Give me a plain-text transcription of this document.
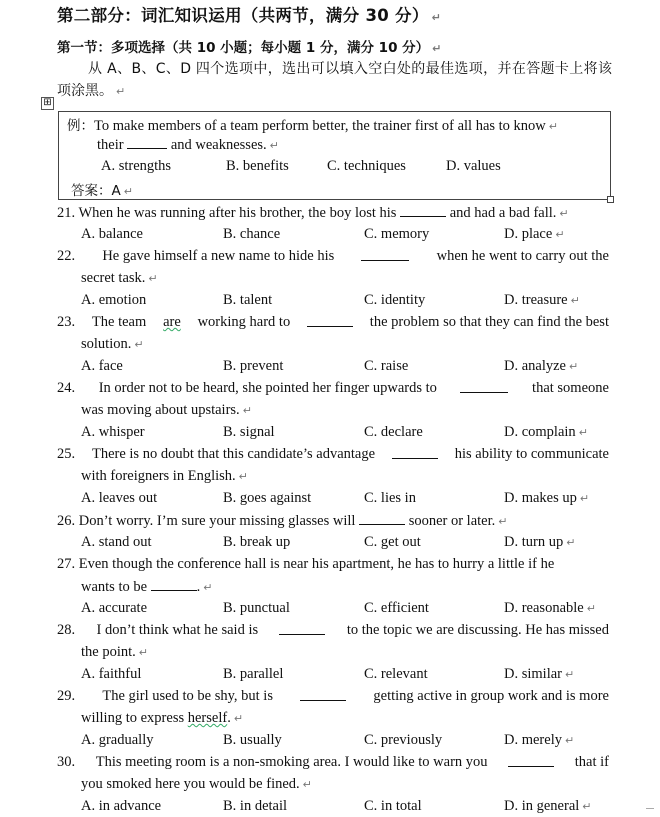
第二部分：词汇知识运用（共两节，满分 30 分） ↵
第一节：多项选择（共 10 小题；每小题 1 分，满分 10 分） ↵
从 A、B、C、D 四个选项中，选出可以填入空白处的最佳选项，并在答题卡上将该项涂黑。 ↵
⊞
例：To make members of a team perform better, the trainer first of all has to know ↵
their	and weaknesses. ↵
A. strengths	B. benefits	C. techniques	D. values
答案：A ↵
21. When he was running after his brother, the boy lost his	and had a bad fall. ↵
A. balance	B. chance	C. memory	D. place ↵
22. He gave himself a new name to hide his	when he went to carry out the
secret task. ↵
A. emotion	B. talent	C. identity	D. treasure ↵
23. The team are working hard to	the problem so that they can find the best
solution. ↵
A. face	B. prevent	C. raise	D. analyze ↵
24. In order not to be heard, she pointed her finger upwards to	that someone
was moving about upstairs. ↵
A. whisper	B. signal	C. declare	D. complain ↵
25. There is no doubt that this candidate’s advantage	his ability to communicate
with foreigners in English. ↵
A. leaves out	B. goes against	C. lies in	D. makes up ↵
26. Don’t worry. I’m sure your missing glasses will	sooner or later. ↵
A. stand out	B. break up	C. get out	D. turn up ↵
27. Even though the conference hall is near his apartment, he has to hurry a little if he
wants to be	. ↵
A. accurate	B. punctual	C. efficient	D. reasonable ↵
28. I don’t think what he said is	to the topic we are discussing. He has missed
the point. ↵
A. faithful	B. parallel	C. relevant	D. similar ↵
29. The girl used to be shy, but is	getting active in group work and is more
willing to express herself. ↵
A. gradually	B. usually	C. previously	D. merely ↵
30. This meeting room is a non-smoking area. I would like to warn you	that if
you smoked here you would be fined. ↵
A. in advance	B. in detail	C. in total	D. in general ↵
